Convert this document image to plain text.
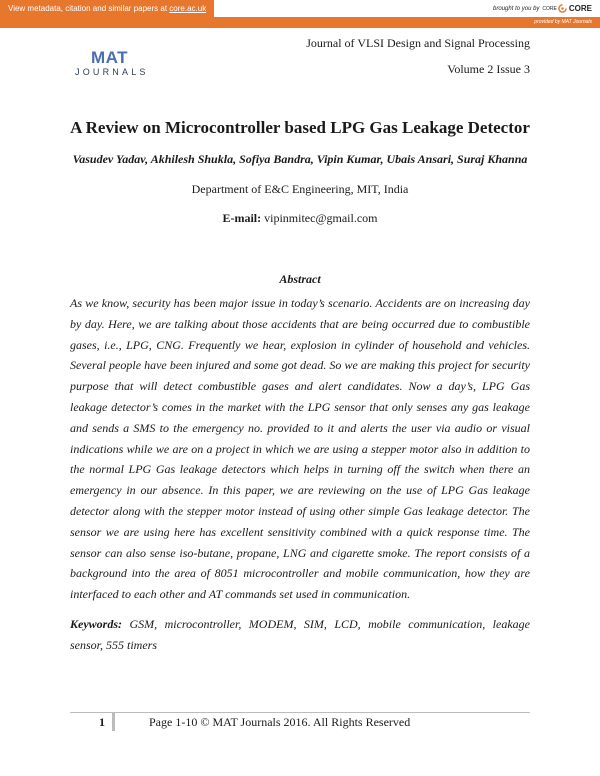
View metadata, citation and similar papers at core.ac.uk	brought to you by CORE CORE
provided by MAT Journals
MAT
JOURNALS
Journal of VLSI Design and Signal Processing
Volume 2 Issue 3
A Review on Microcontroller based LPG Gas Leakage Detector
Vasudev Yadav, Akhilesh Shukla, Sofiya Bandra, Vipin Kumar, Ubais Ansari, Suraj Khanna
Department of E&C Engineering, MIT, India
E-mail: vipinmitec@gmail.com
Abstract

As we know, security has been major issue in today’s scenario. Accidents are on increasing day by day. Here, we are talking about those accidents that are being occurred due to combustible gases, i.e., LPG, CNG. Frequently we hear, explosion in cylinder of household and vehicles. Several people have been injured and some got dead. So we are making this project for security purpose that will detect combustible gases and alert candidates. Now a day’s, LPG Gas leakage detector’s comes in the market with the LPG sensor that only senses any gas leakage and sends a SMS to the emergency no. provided to it and alerts the user via audio or visual indications while we are on a project in which we are using a stepper motor also in addition to the normal LPG Gas leakage detectors which helps in turning off the switch when there an emergency in our absence. In this paper, we are reviewing on the use of LPG Gas leakage detector along with the stepper motor instead of using other simple Gas leakage detector. The sensor we are using here has excellent sensitivity combined with a quick response time. The sensor can also sense iso-butane, propane, LNG and cigarette smoke. The report consists of a background into the area of 8051 microcontroller and mobile communication, how they are interfaced to each other and AT commands set used in communication.

Keywords: GSM, microcontroller, MODEM, SIM, LCD, mobile communication, leakage sensor, 555 timers

1	Page 1-10 © MAT Journals 2016. All Rights Reserved
